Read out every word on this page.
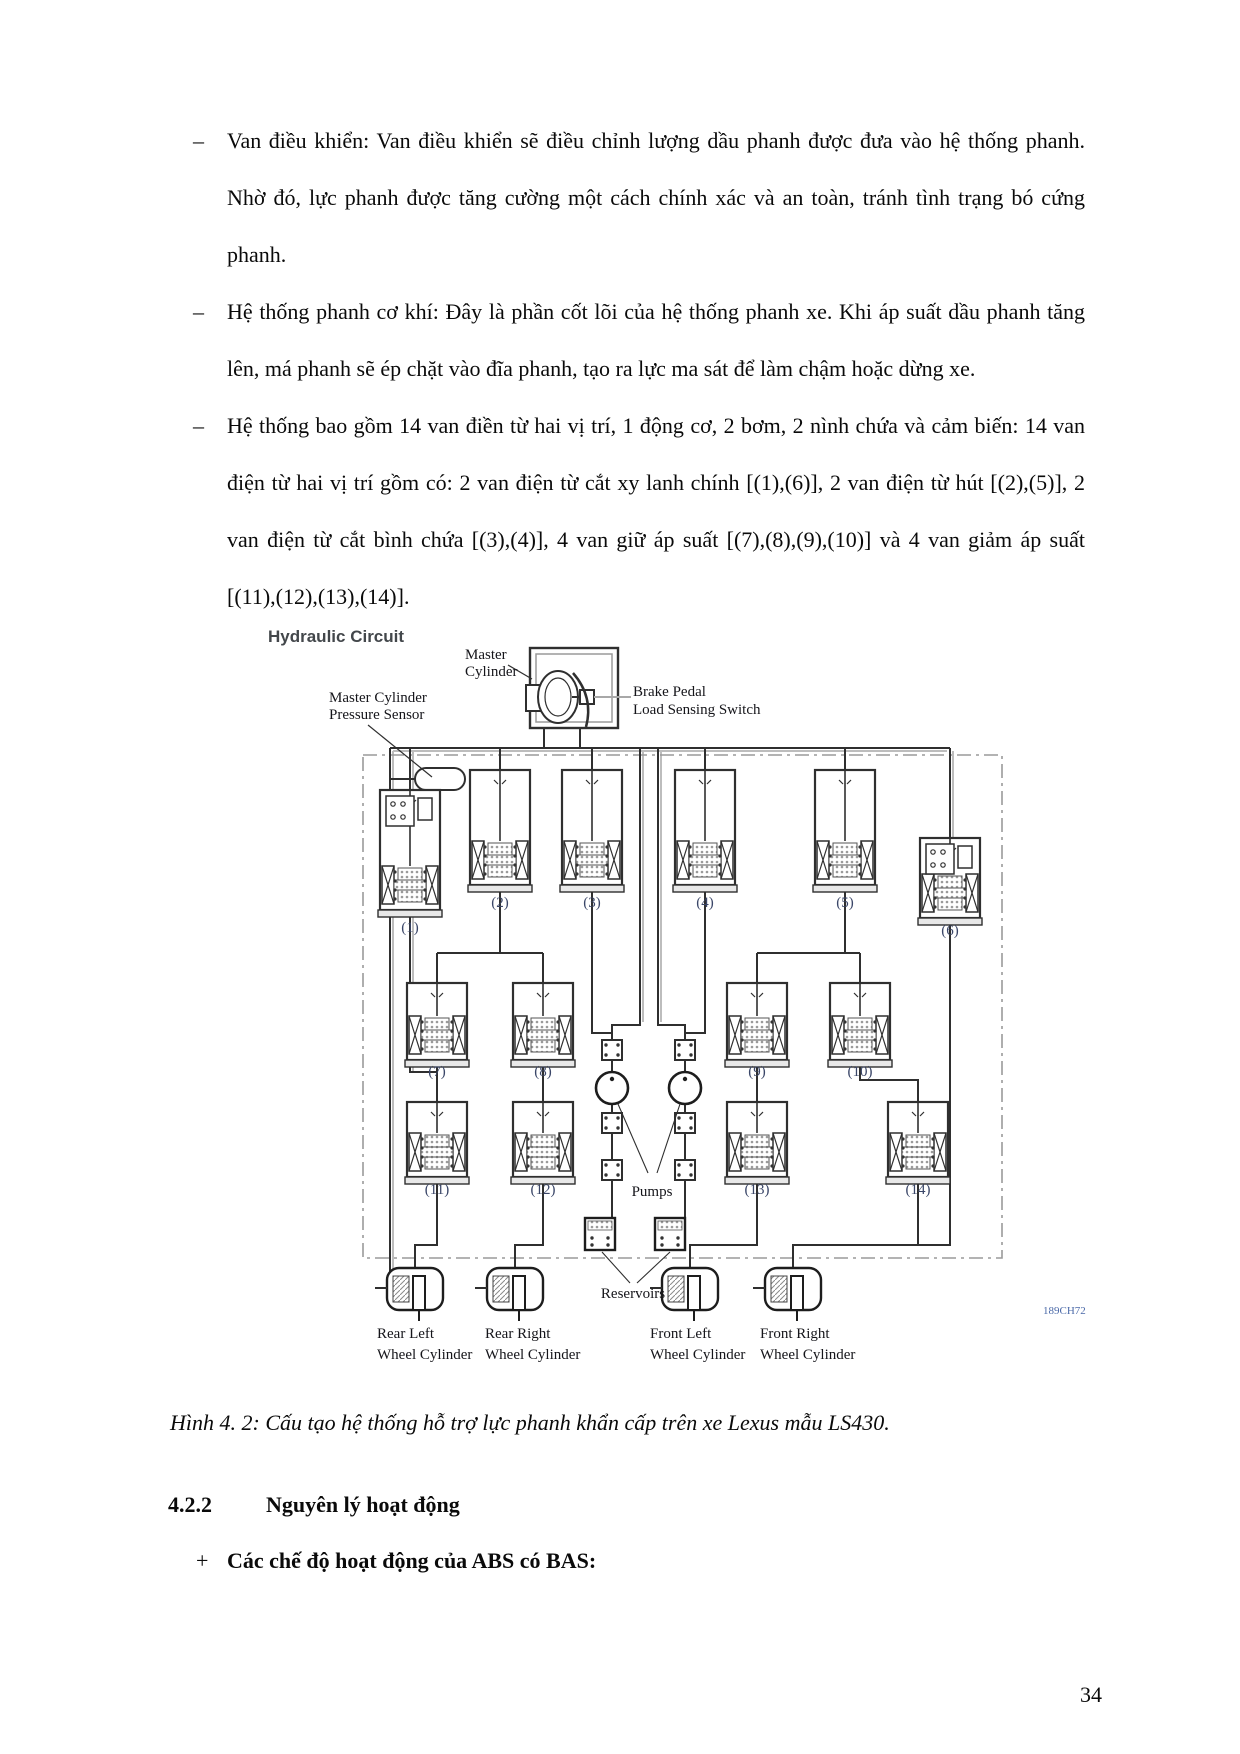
–	Van điều khiển: Van điều khiển sẽ điều chỉnh lượng dầu phanh được đưa vào hệ thống phanh. Nhờ đó, lực phanh được tăng cường một cách chính xác và an toàn, tránh tình trạng bó cứng phanh.
–	Hệ thống phanh cơ khí: Đây là phần cốt lõi của hệ thống phanh xe. Khi áp suất dầu phanh tăng lên, má phanh sẽ ép chặt vào đĩa phanh, tạo ra lực ma sát để làm chậm hoặc dừng xe.
–	Hệ thống bao gồm 14 van điền từ hai vị trí, 1 động cơ, 2 bơm, 2 nình chứa và cảm biến: 14 van điện từ hai vị trí gồm có: 2 van điện từ cắt xy lanh chính [(1),(6)], 2 van điện từ hút [(2),(5)], 2 van điện từ cắt bình chứa [(3),(4)], 4 van giữ áp suất [(7),(8),(9),(10)] và 4 van giảm áp suất [(11),(12),(13),(14)].
(1)
(2)	(3)	(4)	(5)
(6)
(7)	(8)	(9)	(10)
(11)	(12)	(13)	(14)
Rear Left
Wheel Cylinder
Rear Right
Wheel Cylinder
Front Left
Wheel Cylinder
Front Right
Wheel Cylinder
Hydraulic Circuit
Master
Cylinder
Master Cylinder
Pressure Sensor
Brake Pedal
Load Sensing Switch
Pumps
Reservoirs
189CH72
Hình 4. 2: Cấu tạo hệ thống hỗ trợ lực phanh khẩn cấp trên xe Lexus mẫu LS430.
4.2.2 Nguyên lý hoạt động
+ Các chế độ hoạt động của ABS có BAS:
34
